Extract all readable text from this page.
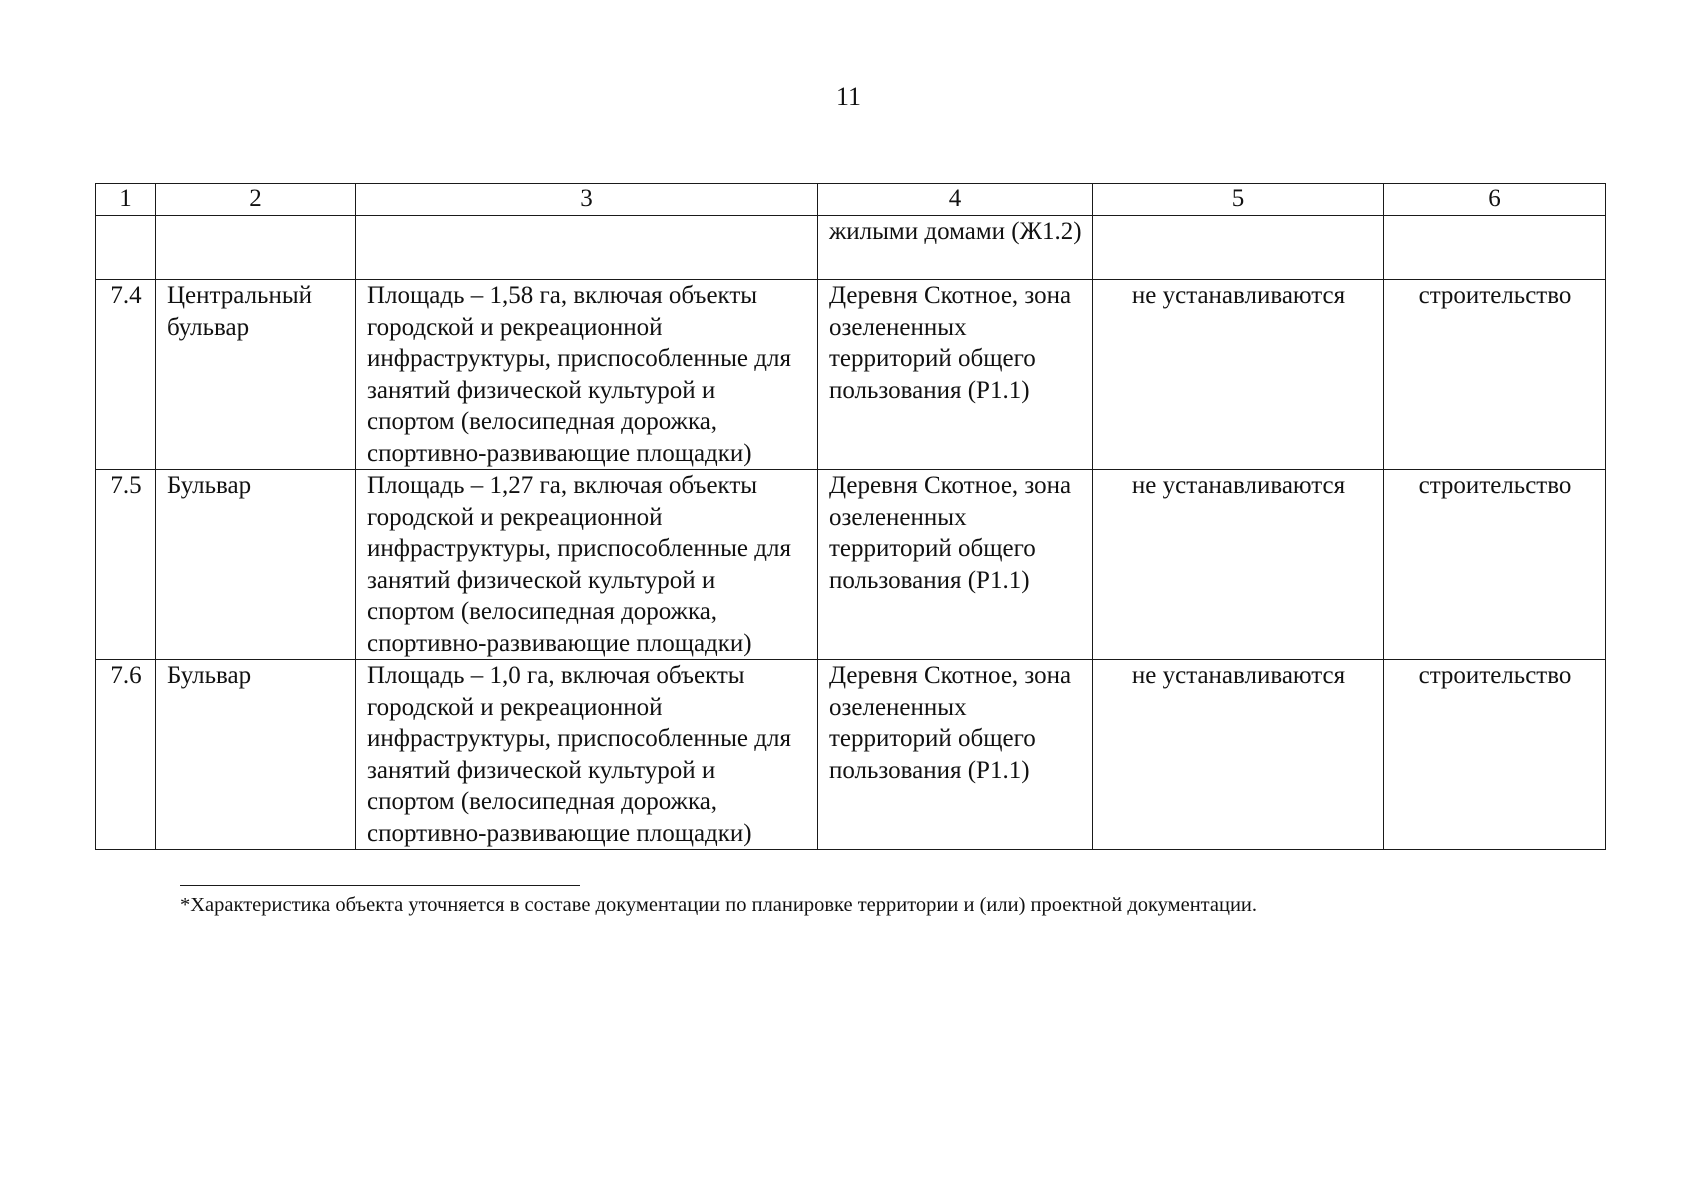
11
1	2	3	4	5	6
			жилыми домами (Ж1.2)		
7.4	Центральный бульвар	Площадь – 1,58 га, включая объекты городской и рекреационной инфраструктуры, приспособленные для занятий физической культурой и спортом (велосипедная дорожка, спортивно-развивающие площадки)	Деревня Скотное, зона озелененных территорий общего пользования (Р1.1)	не устанавливаются	строительство
7.5	Бульвар	Площадь – 1,27 га, включая объекты городской и рекреационной инфраструктуры, приспособленные для занятий физической культурой и спортом (велосипедная дорожка, спортивно-развивающие площадки)	Деревня Скотное, зона озелененных территорий общего пользования (Р1.1)	не устанавливаются	строительство
7.6	Бульвар	Площадь – 1,0 га, включая объекты городской и рекреационной инфраструктуры, приспособленные для занятий физической культурой и спортом (велосипедная дорожка, спортивно-развивающие площадки)	Деревня Скотное, зона озелененных территорий общего пользования (Р1.1)	не устанавливаются	строительство
*Характеристика объекта уточняется в составе документации по планировке территории и (или) проектной документации.
